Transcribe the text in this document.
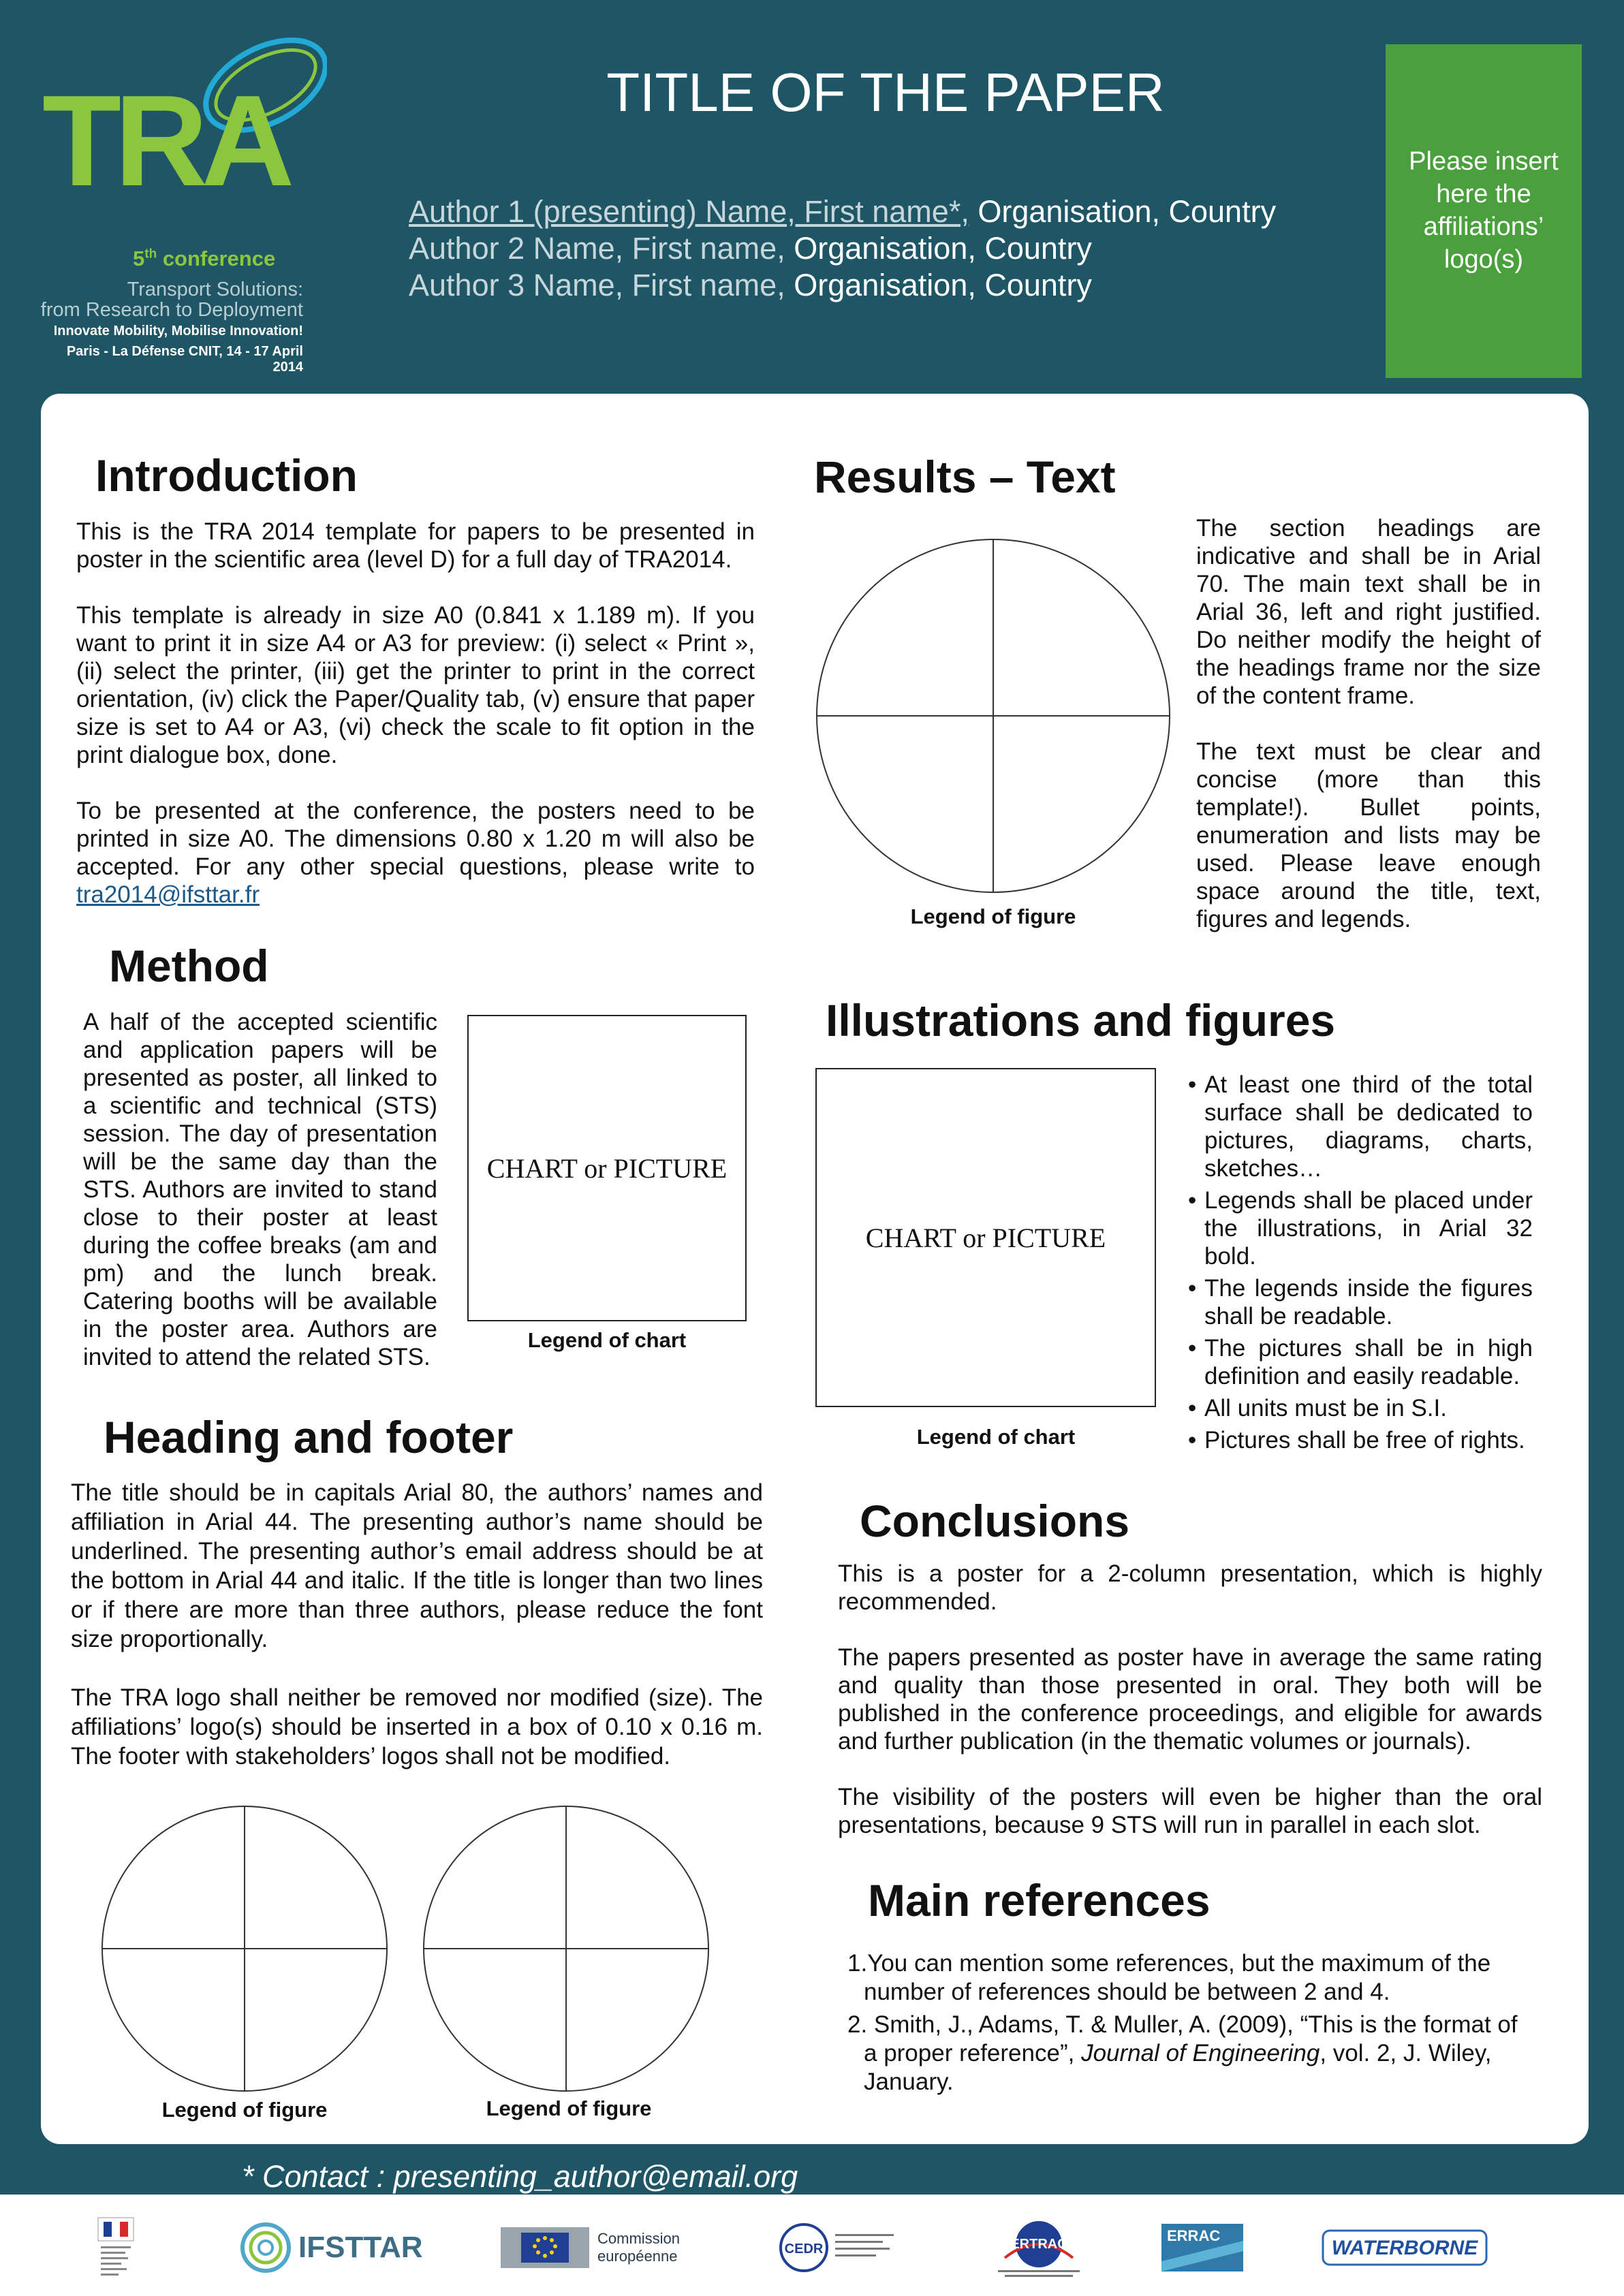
TRA
5th conference
Transport Solutions:
from Research to Deployment
Innovate Mobility, Mobilise Innovation!
Paris - La Défense CNIT, 14 - 17 April 2014
TITLE OF THE PAPER
Author 1 (presenting) Name, First name*, Organisation, Country
Author 2 Name, First name, Organisation, Country
Author 3 Name, First name, Organisation, Country
Please insert
here the
affiliations’
logo(s)
Introduction

This is the TRA 2014 template for papers to be presented in poster in the scientific area (level D) for a full day of TRA2014.

This template is already in size A0 (0.841 x 1.189 m). If you want to print it in size A4 or A3 for preview: (i) select « Print », (ii) select the printer, (iii) get the printer to print in the correct orientation, (iv) click the Paper/Quality tab, (v) ensure that paper size is set to A4 or A3, (vi) check the scale to fit option in the print dialogue box, done.

To be presented at the conference, the posters need to be printed in size A0. The dimensions 0.80 x 1.20 m will also be accepted. For any other special questions, please write to tra2014@ifsttar.fr

Method
A half of the accepted scientific and application papers will be presented as poster, all linked to a scientific and technical (STS) session. The day of presentation will be the same day than the STS. Authors are invited to stand close to their poster at least during the coffee breaks (am and pm) and the lunch break. Catering booths will be available in the poster area. Authors are invited to attend the related STS.
CHART or PICTURE
Legend of chart
Heading and footer

The title should be in capitals Arial 80, the authors’ names and affiliation in Arial 44. The presenting author’s name should be underlined. The presenting author’s email address should be at the bottom in Arial 44 and italic. If the title is longer than two lines or if there are more than three authors, please reduce the font size proportionally.

The TRA logo shall neither be removed nor modified (size). The affiliations’ logo(s) should be inserted in a box of 0.10 x 0.16 m. The footer with stakeholders’ logos shall not be modified.

Legend of figure	Legend of figure
Results – Text
Legend of figure

The section headings are indicative and shall be in Arial 70. The main text shall be in Arial 36, left and right justified. Do neither modify the height of the headings frame nor the size of the content frame.

The text must be clear and concise (more than this template!). Bullet points, enumeration and lists may be used. Please leave enough space around the title, text, figures and legends.

Illustrations and figures
CHART or PICTURE
Legend of chart
• At least one third of the total surface shall be dedicated to pictures, diagrams, charts, sketches…
• Legends shall be placed under the illustrations, in Arial 32 bold.
• The legends inside the figures shall be readable.
• The pictures shall be in high definition and easily readable.
• All units must be in S.I.
• Pictures shall be free of rights.
Conclusions

This is a poster for a 2-column presentation, which is highly recommended.

The papers presented as poster have in average the same rating and quality than those presented in oral. They both will be published in the conference proceedings, and eligible for awards and further publication (in the thematic volumes or journals).

The visibility of the posters will even be higher than the oral presentations, because 9 STS will run in parallel in each slot.

Main references
1.You can mention some references, but the maximum of the number of references should be between 2 and 4.
2. Smith, J., Adams, T. & Muller, A. (2009), “This is the format of a proper reference”, Journal of Engineering, vol. 2, J. Wiley, January.
* Contact : presenting_author@email.org
IFSTTAR	Commission
européenne	CEDR	ERTRAC	ERRAC
WATERBORNE
